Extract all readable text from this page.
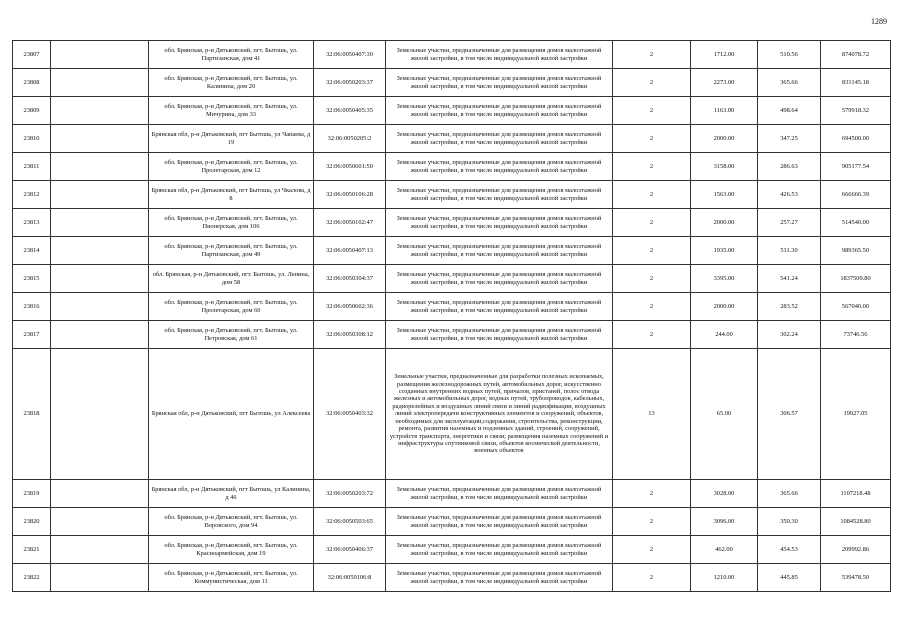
1289
23807		обл. Брянская, р-н Дятьковский, пгт. Бытошь, ул. Партизанская, дом 41	32:06:0050407:30	Земельные участки, предназначенные для размещения домов малоэтажной жилой застройки, в том числе индивидуальной жилой застройки	2	1712.00	510.56	874078.72
23808		обл. Брянская, р-н Дятьковский, пгт. Бытошь, ул. Калинина, дом 20	32:06:0050203:37	Земельные участки, предназначенные для размещения домов малоэтажной жилой застройки, в том числе индивидуальной жилой застройки	2	2273.00	365.66	831145.18
23809		обл. Брянская, р-н Дятьковский, пгт. Бытошь, ул. Мичурина, дом 33	32:06:0050405:35	Земельные участки, предназначенные для размещения домов малоэтажной жилой застройки, в том числе индивидуальной жилой застройки	2	1163.00	498.64	579918.32
23810		Брянская обл, р-н Дятьковский, пгт Бытошь, ул Чапаева, д 19	32:06:0050205:2	Земельные участки, предназначенные для размещения домов малоэтажной жилой застройки, в том числе индивидуальной жилой застройки	2	2000.00	347.25	694500.00
23811		обл. Брянская, р-н Дятьковский, пгт. Бытошь, ул. Пролетарская, дом 12	32:06:0050601:50	Земельные участки, предназначенные для размещения домов малоэтажной жилой застройки, в том числе индивидуальной жилой застройки	2	3158.00	286.63	905177.54
23812		Брянская обл, р-н Дятьковский, пгт Бытошь, ул Чкалова, д 8	32:06:0050106:28	Земельные участки, предназначенные для размещения домов малоэтажной жилой застройки, в том числе индивидуальной жилой застройки	2	1563.00	426.53	666666.39
23813		обл. Брянская, р-н Дятьковский, пгт. Бытошь, ул. Пионерская, дом 106	32:06:0050102:47	Земельные участки, предназначенные для размещения домов малоэтажной жилой застройки, в том числе индивидуальной жилой застройки	2	2000.00	257.27	514540.00
23814		обл. Брянская, р-н Дятьковский, пгт. Бытошь, ул. Партизанская, дом 49	32:06:0050407:13	Земельные участки, предназначенные для размещения домов малоэтажной жилой застройки, в том числе индивидуальной жилой застройки	2	1935.00	511.30	989365.50
23815		обл. Брянская, р-н Дятьковский, пгт. Бытошь, ул. Ленина, дом 58	32:06:0050304:37	Земельные участки, предназначенные для размещения домов малоэтажной жилой застройки, в том числе индивидуальной жилой застройки	2	3395.00	541.24	1837509.80
23816		обл. Брянская, р-н Дятьковский, пгт. Бытошь, ул. Пролетарская, дом 60	32:06:0050602:36	Земельные участки, предназначенные для размещения домов малоэтажной жилой застройки, в том числе индивидуальной жилой застройки	2	2000.00	283.52	567040.00
23817		обл. Брянская, р-н Дятьковский, пгт. Бытошь, ул. Петровская, дом 61	32:06:0050308:12	Земельные участки, предназначенные для размещения домов малоэтажной жилой застройки, в том числе индивидуальной жилой застройки	2	244.00	302.24	73746.56
23818		Брянская обл, р-н Дятьковский, пгт Бытошь, ул Алексеева	32:06:0050403:32	Земельные участки, предназначенные для разработки полезных ископаемых, размещения железнодорожных путей, автомобильных дорог, искусственно созданных внутренних водных путей, причалов, пристаней, полос отвода железных и автомобильных дорог, водных путей, трубопроводов, кабельных, радиорелейных и воздушных линий связи и линий радиофикации, воздушных линий электропередачи конструктивных элементов и сооружений, объектов, необходимых для эксплуатации,содержания, строительства, реконструкции, ремонта, развития наземных и подземных зданий, строений, сооружений, устройств транспорта, энергетики и связи; размещения наземных сооружений и инфраструктуры спутниковой связи, объектов космической деятельности, военных объектов	13	65.00	306.57	19927.05
23819		Брянская обл, р-н Дятьковский, пгт Бытошь, ул Калинина, д 46	32:06:0050203:72	Земельные участки, предназначенные для размещения домов малоэтажной жилой застройки, в том числе индивидуальной жилой застройки	2	3028.00	365.66	1107218.48
23820		обл. Брянская, р-н Дятьковский, пгт. Бытошь, ул. Воровского, дом 94	32:06:0050503:65	Земельные участки, предназначенные для размещения домов малоэтажной жилой застройки, в том числе индивидуальной жилой застройки	2	3096.00	350.30	1084528.80
23821		обл. Брянская, р-н Дятьковский, пгт. Бытошь, ул. Красноармейская, дом 19	32:06:0050406:37	Земельные участки, предназначенные для размещения домов малоэтажной жилой застройки, в том числе индивидуальной жилой застройки	2	462.00	454.53	209992.86
23822		обл. Брянская, р-н Дятьковский, пгт. Бытошь, ул. Коммунистическая, дом 11	32:06:0050106:8	Земельные участки, предназначенные для размещения домов малоэтажной жилой застройки, в том числе индивидуальной жилой застройки	2	1210.00	445.85	539478.50
